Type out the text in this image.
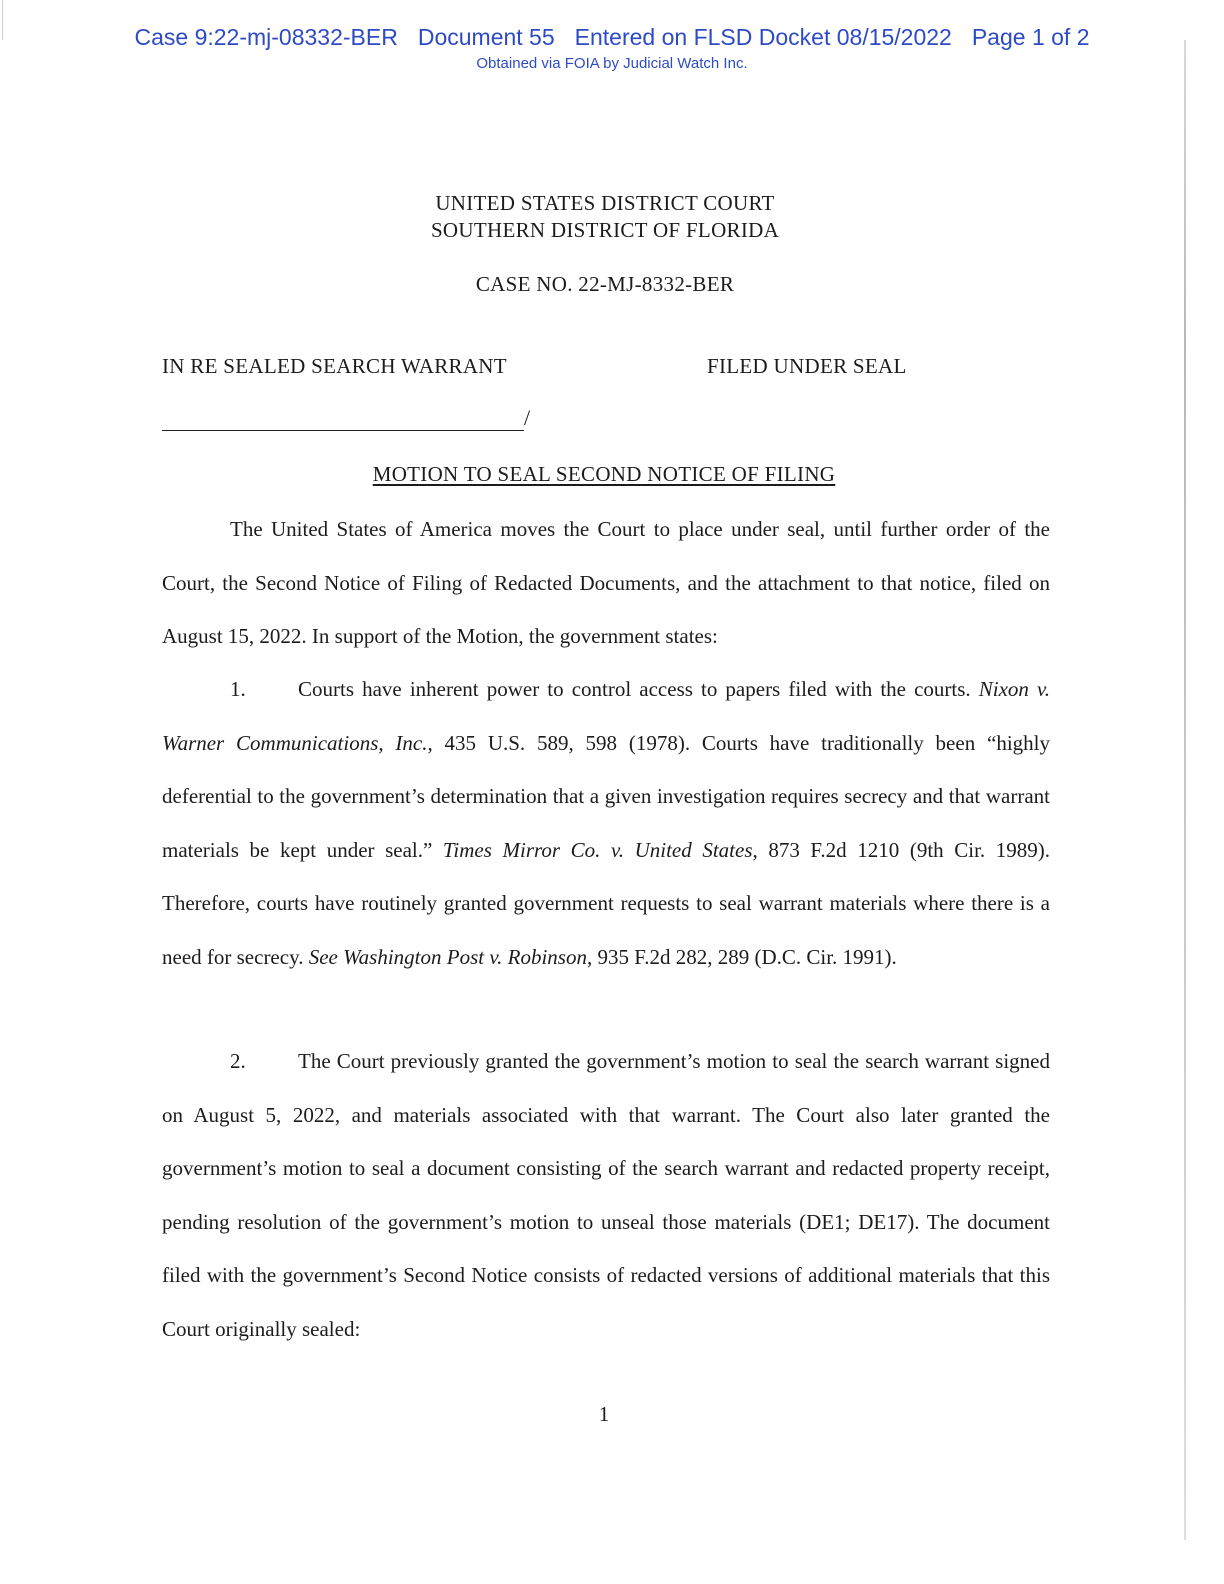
Case 9:22-mj-08332-BER Document 55 Entered on FLSD Docket 08/15/2022 Page 1 of 2
Obtained via FOIA by Judicial Watch Inc.
UNITED STATES DISTRICT COURT
SOUTHERN DISTRICT OF FLORIDA
CASE NO. 22-MJ-8332-BER
IN RE SEALED SEARCH WARRANT	FILED UNDER SEAL
/
MOTION TO SEAL SECOND NOTICE OF FILING
The United States of America moves the Court to place under seal, until further order of the Court, the Second Notice of Filing of Redacted Documents, and the attachment to that notice, filed on August 15, 2022. In support of the Motion, the government states:
1. Courts have inherent power to control access to papers filed with the courts. Nixon v. Warner Communications, Inc., 435 U.S. 589, 598 (1978). Courts have traditionally been “highly deferential to the government’s determination that a given investigation requires secrecy and that warrant materials be kept under seal.” Times Mirror Co. v. United States, 873 F.2d 1210 (9th Cir. 1989). Therefore, courts have routinely granted government requests to seal warrant materials where there is a need for secrecy. See Washington Post v. Robinson, 935 F.2d 282, 289 (D.C. Cir. 1991).
2. The Court previously granted the government’s motion to seal the search warrant signed on August 5, 2022, and materials associated with that warrant. The Court also later granted the government’s motion to seal a document consisting of the search warrant and redacted property receipt, pending resolution of the government’s motion to unseal those materials (DE1; DE17). The document filed with the government’s Second Notice consists of redacted versions of additional materials that this Court originally sealed:
1
